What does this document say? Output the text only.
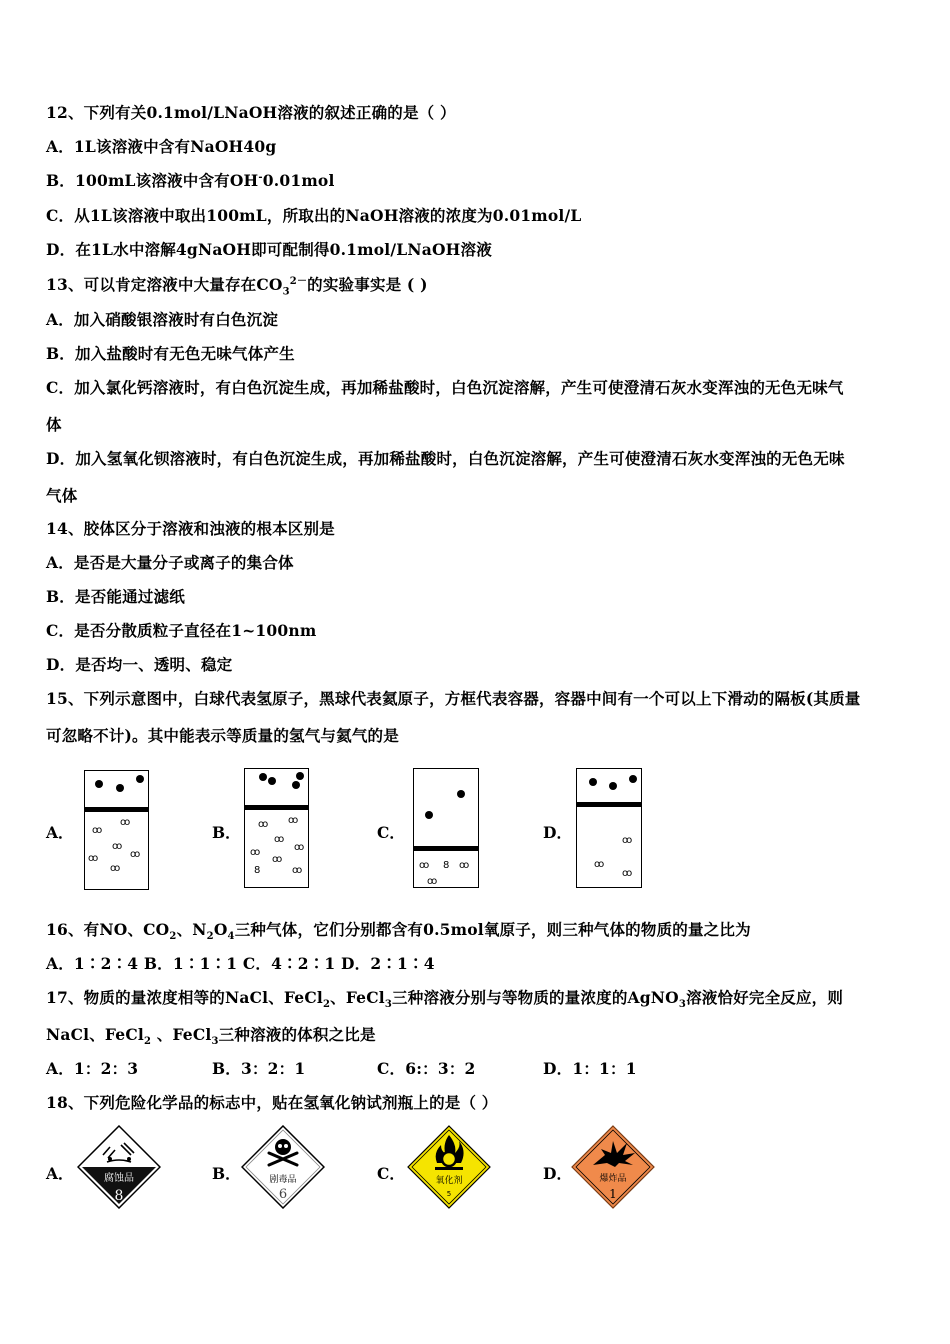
12、下列有关0.1mol/LNaOH溶液的叙述正确的是（ ）
A．1L该溶液中含有NaOH40g
B．100mL该溶液中含有OH-0.01mol
C．从1L该溶液中取出100mL，所取出的NaOH溶液的浓度为0.01mol/L
D．在1L水中溶解4gNaOH即可配制得0.1mol/LNaOH溶液
13、可以肯定溶液中大量存在$CO_3^{2-}$的实验事实是 ( )
A．加入硝酸银溶液时有白色沉淀
B．加入盐酸时有无色无味气体产生
C．加入氯化钙溶液时，有白色沉淀生成，再加稀盐酸时，白色沉淀溶解，产生可使澄清石灰水变浑浊的无色无味气
体
D．加入氢氧化钡溶液时，有白色沉淀生成，再加稀盐酸时，白色沉淀溶解，产生可使澄清石灰水变浑浊的无色无味
气体
14、胶体区分于溶液和浊液的根本区别是
A．是否是大量分子或离子的集合体
B．是否能通过滤纸
C．是否分散质粒子直径在1~100nm
D．是否均一、透明、稳定
15、下列示意图中，白球代表氢原子，黑球代表氦原子，方框代表容器，容器中间有一个可以上下滑动的隔板(其质量
可忽略不计)。其中能表示等质量的氢气与氦气的是
A． oo
oo
oo
oo
oo
oo
B． oo oo
oo
oo
oo
oo
8	oo
C．
oo 8 oo
oo
D．	oo
oo
oo
16、有NO、$CO_2$、$N_2O_4$三种气体，它们分别都含有0.5mol氧原子，则三种气体的物质的量之比为
A．1∶2∶4 B．1∶1∶1 C．4∶2∶1 D．2∶1∶4
17、物质的量浓度相等的NaCl、FeCl$_2$、FeCl$_3$三种溶液分别与等物质的量浓度的AgNO$_3$溶液恰好完全反应，则
NaCl、FeCl$_2$ 、FeCl$_3$三种溶液的体积之比是
A．1：2：3	B．3：2：1	C．6:：3：2	D．1：1：1
18、下列危险化学品的标志中，贴在氢氧化钠试剂瓶上的是（ ）
A．	腐蚀品
8
B．	剧毒品
6
C．	氧化剂
5
D．	爆炸品
1
